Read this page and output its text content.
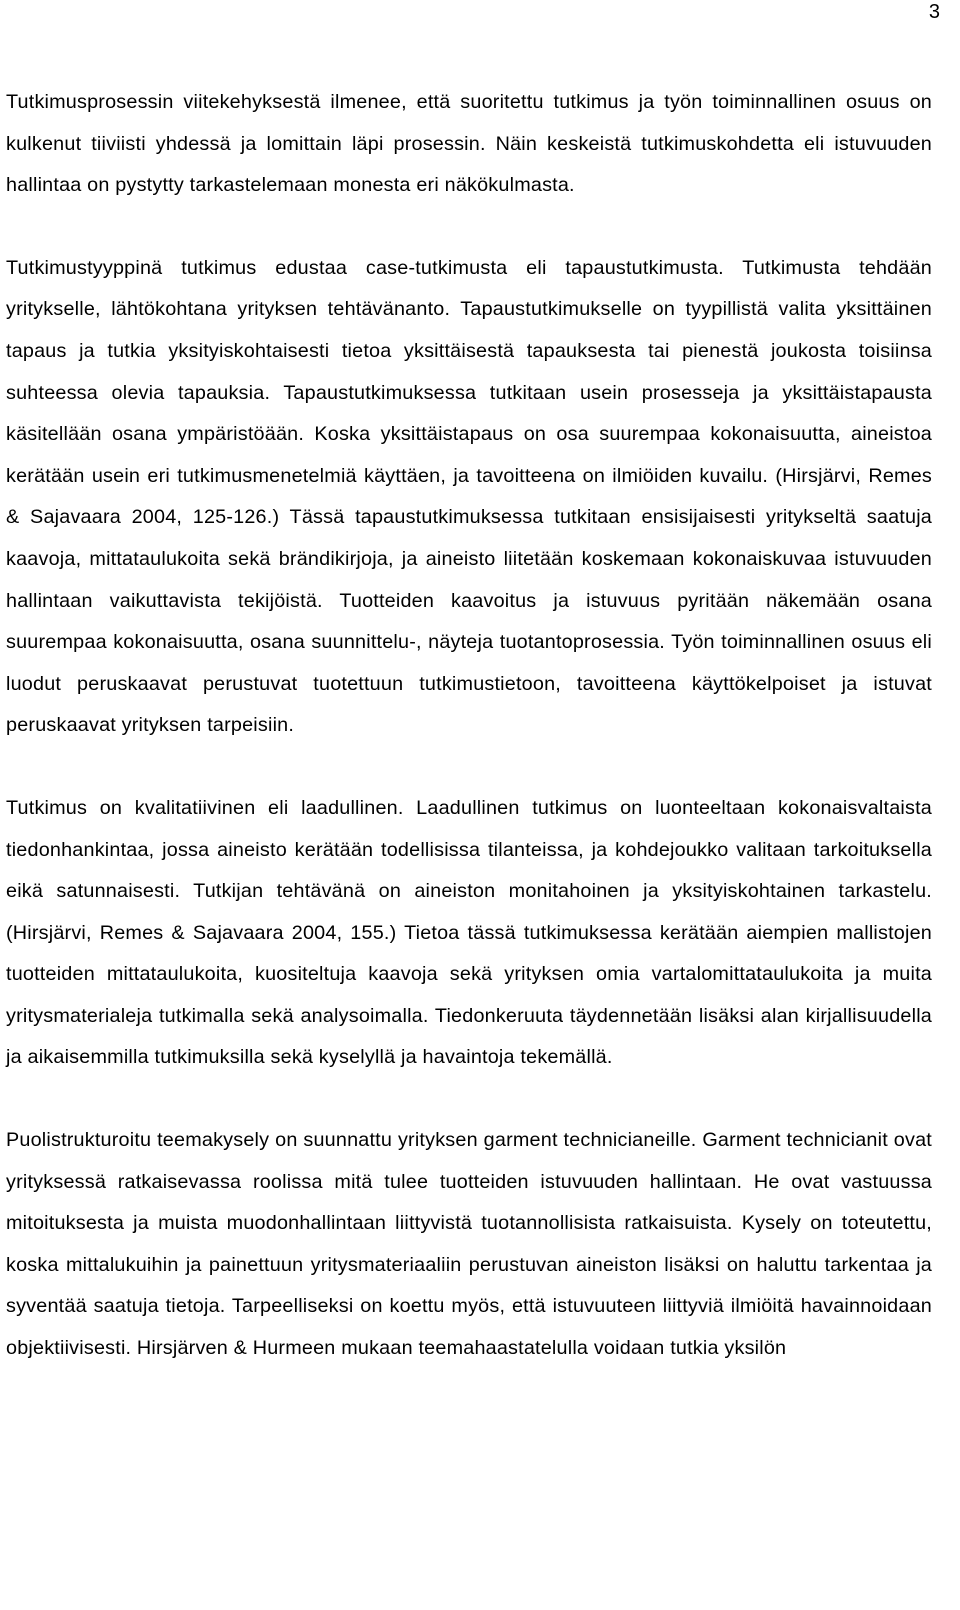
3

Tutkimusprosessin viitekehyksestä ilmenee, että suoritettu tutkimus ja työn toiminnallinen osuus on kulkenut tiiviisti yhdessä ja lomittain läpi prosessin. Näin keskeistä tutkimuskohdetta eli istuvuuden hallintaa on pystytty tarkastelemaan monesta eri näkökulmasta.

Tutkimustyyppinä tutkimus edustaa case-tutkimusta eli tapaustutkimusta. Tutkimusta tehdään yritykselle, lähtökohtana yrityksen tehtävänanto. Tapaustutkimukselle on tyypillistä valita yksittäinen tapaus ja tutkia yksityiskohtaisesti tietoa yksittäisestä tapauksesta tai pienestä joukosta toisiinsa suhteessa olevia tapauksia. Tapaustutkimuksessa tutkitaan usein prosesseja ja yksittäistapausta käsitellään osana ympäristöään. Koska yksittäistapaus on osa suurempaa kokonaisuutta, aineistoa kerätään usein eri tutkimusmenetelmiä käyttäen, ja tavoitteena on ilmiöiden kuvailu. (Hirsjärvi, Remes & Sajavaara 2004, 125-126.) Tässä tapaustutkimuksessa tutkitaan ensisijaisesti yritykseltä saatuja kaavoja, mittataulukoita sekä brändikirjoja, ja aineisto liitetään koskemaan kokonaiskuvaa istuvuuden hallintaan vaikuttavista tekijöistä. Tuotteiden kaavoitus ja istuvuus pyritään näkemään osana suurempaa kokonaisuutta, osana suunnittelu-, näyteja tuotantoprosessia. Työn toiminnallinen osuus eli luodut peruskaavat perustuvat tuotettuun tutkimustietoon, tavoitteena käyttökelpoiset ja istuvat peruskaavat yrityksen tarpeisiin.

Tutkimus on kvalitatiivinen eli laadullinen. Laadullinen tutkimus on luonteeltaan kokonaisvaltaista tiedonhankintaa, jossa aineisto kerätään todellisissa tilanteissa, ja kohdejoukko valitaan tarkoituksella eikä satunnaisesti. Tutkijan tehtävänä on aineiston monitahoinen ja yksityiskohtainen tarkastelu. (Hirsjärvi, Remes & Sajavaara 2004, 155.) Tietoa tässä tutkimuksessa kerätään aiempien mallistojen tuotteiden mittataulukoita, kuositeltuja kaavoja sekä yrityksen omia vartalomittataulukoita ja muita yritysmaterialeja tutkimalla sekä analysoimalla. Tiedonkeruuta täydennetään lisäksi alan kirjallisuudella ja aikaisemmilla tutkimuksilla sekä kyselyllä ja havaintoja tekemällä.

Puolistrukturoitu teemakysely on suunnattu yrityksen garment technicianeille. Garment technicianit ovat yrityksessä ratkaisevassa roolissa mitä tulee tuotteiden istuvuuden hallintaan. He ovat vastuussa mitoituksesta ja muista muodonhallintaan liittyvistä tuotannollisista ratkaisuista. Kysely on toteutettu, koska mittalukuihin ja painettuun yritysmateriaaliin perustuvan aineiston lisäksi on haluttu tarkentaa ja syventää saatuja tietoja. Tarpeelliseksi on koettu myös, että istuvuuteen liittyviä ilmiöitä havainnoidaan objektiivisesti. Hirsjärven & Hurmeen mukaan teemahaastatelulla voidaan tutkia yksilön
